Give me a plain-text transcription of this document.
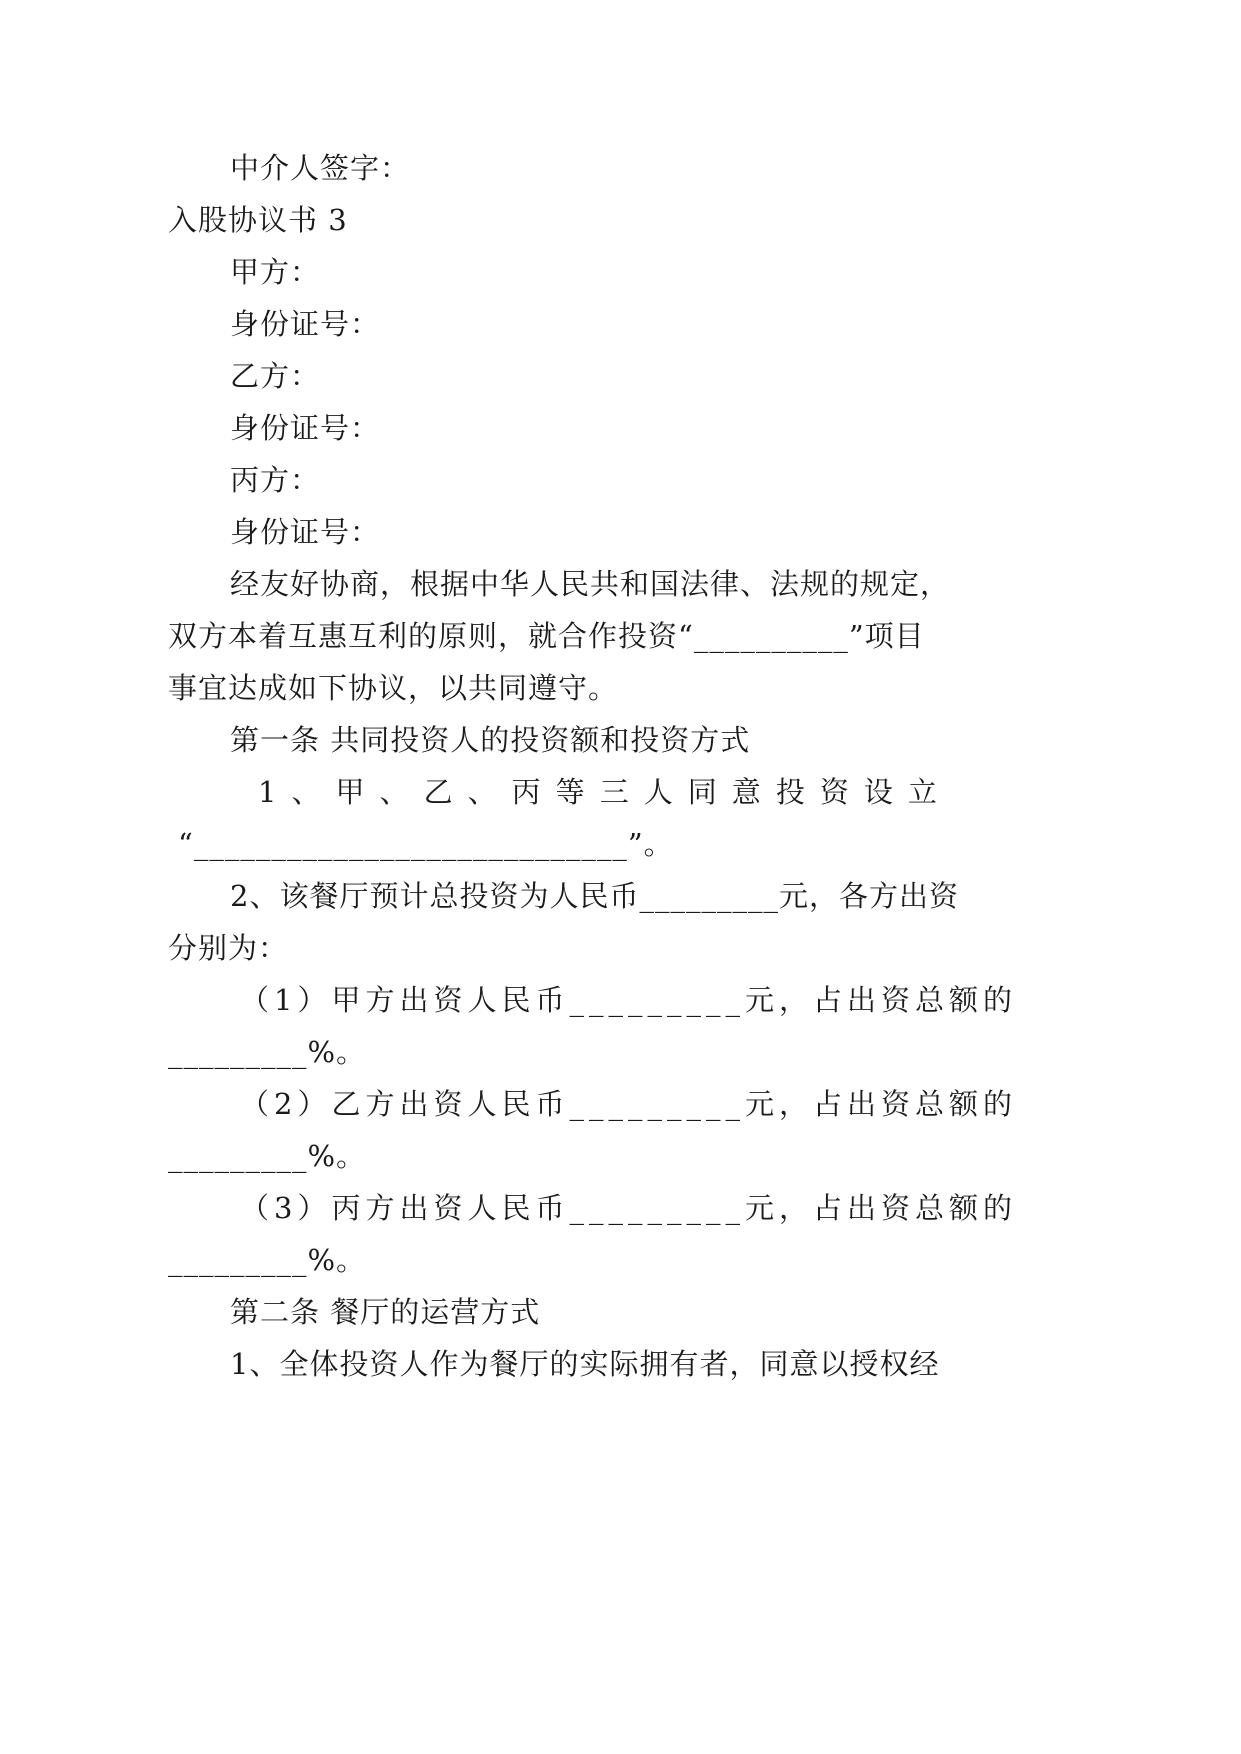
中介人签字：
入股协议书 3
甲方：
身份证号：
乙方：
身份证号：
丙方：
身份证号：
经友好协商，根据中华人民共和国法律、法规的规定，
双方本着互惠互利的原则，就合作投资“__________”项目
事宜达成如下协议，以共同遵守。
第一条 共同投资人的投资额和投资方式
1 、 甲 、 乙 、 丙 等 三 人 同 意 投 资 设 立
“____________________________”。
2、该餐厅预计总投资为人民币_________元，各方出资
分别为：
（1）甲方出资人民币_________元，占出资总额的
_________%。
（2）乙方出资人民币_________元，占出资总额的
_________%。
（3）丙方出资人民币_________元，占出资总额的
_________%。
第二条 餐厅的运营方式
1、全体投资人作为餐厅的实际拥有者，同意以授权经
